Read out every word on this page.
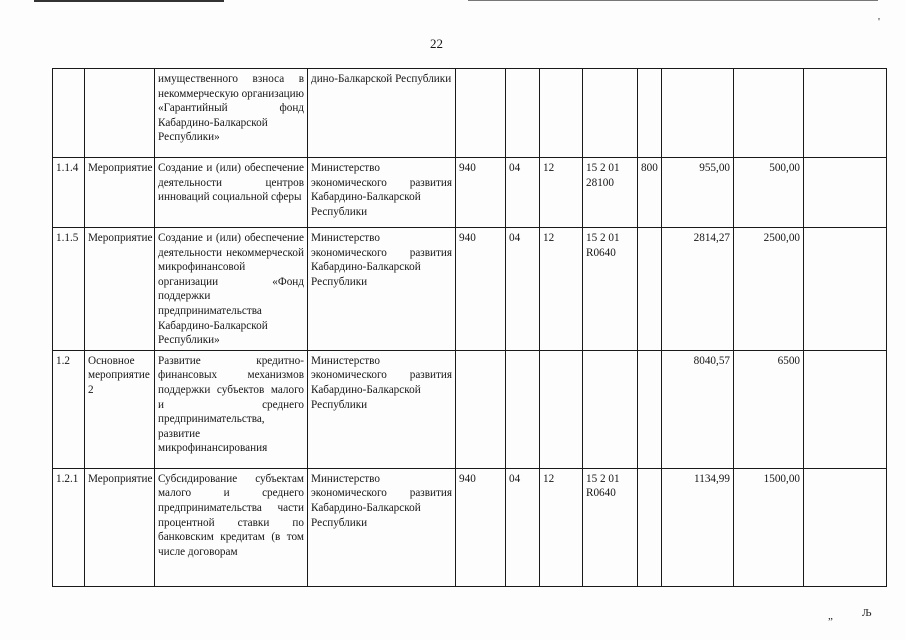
22
'
„	Љ
		имущественного взноса в некоммерческую организацию «Гарантийный фонд Кабардино-Балкарской Республики»	дино-Балкарской Республики								
1.1.4	Мероприятие	Создание и (или) обеспечение деятельности центров инноваций социальной сферы	Министерство экономического развития Кабардино-Балкарской Республики	940	04	12	15 2 01 28100	800	955,00	500,00	
1.1.5	Мероприятие	Создание и (или) обеспечение деятельности некоммерческой микрофинансовой организации «Фонд поддержки предпринимательства Кабардино-Балкарской Республики»	Министерство экономического развития Кабардино-Балкарской Республики	940	04	12	15 2 01 R0640		2814,27	2500,00	
1.2	Основное мероприятие 2	Развитие кредитно-финансовых механизмов поддержки субъектов малого и среднего предпринимательства, развитие микрофинансирования	Министерство экономического развития Кабардино-Балкарской Республики						8040,57	6500	
1.2.1	Мероприятие	Субсидирование субъектам малого и среднего предпринимательства части процентной ставки по банковским кредитам (в том числе договорам	Министерство экономического развития Кабардино-Балкарской Республики	940	04	12	15 2 01 R0640		1134,99	1500,00	
